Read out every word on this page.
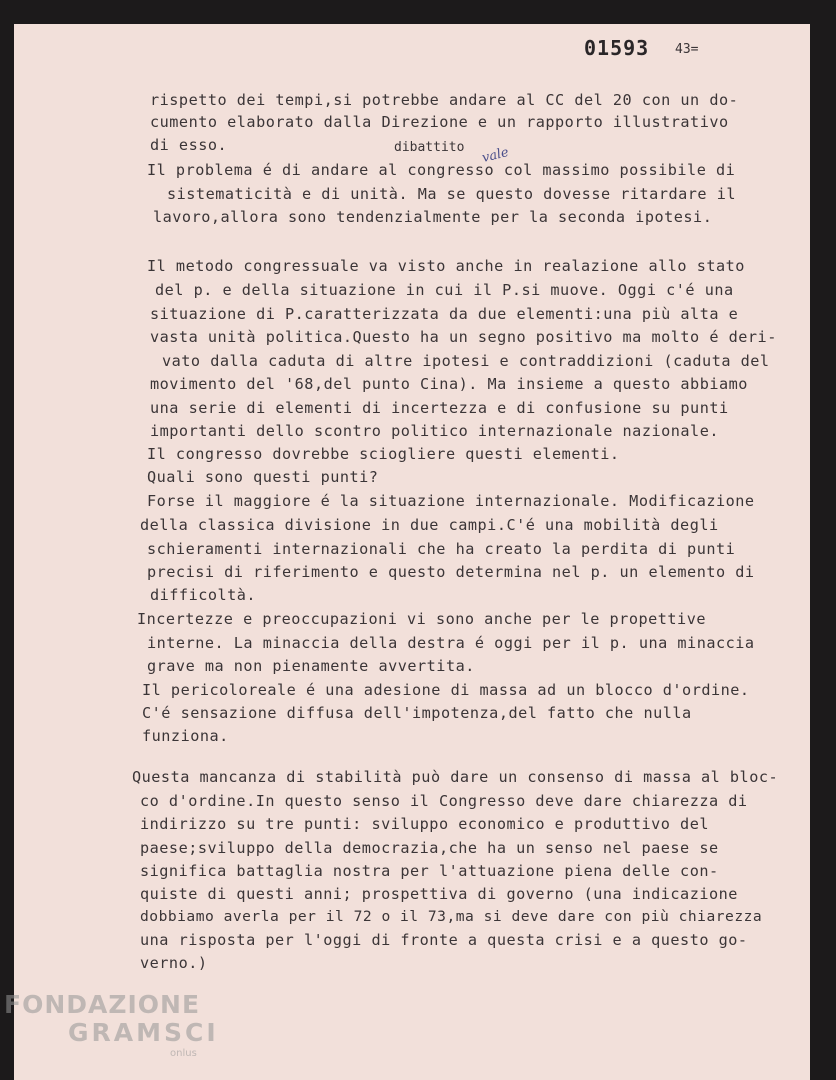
01593 43=
dibattito vale
rispetto dei tempi,si potrebbe andare al CC del 20 con un do-
cumento elaborato dalla Direzione e un rapporto illustrativo
di esso.
Il problema é di andare al congresso col massimo possibile di
sistematicità e di unità. Ma se questo dovesse ritardare il
lavoro,allora sono tendenzialmente per la seconda ipotesi.
Il metodo congressuale va visto anche in realazione allo stato
del p. e della situazione in cui il P.si muove. Oggi c'é una
situazione di P.caratterizzata da due elementi:una più alta e
vasta unità politica.Questo ha un segno positivo ma molto é deri-
vato dalla caduta di altre ipotesi e contraddizioni (caduta del
movimento del '68,del punto Cina). Ma insieme a questo abbiamo
una serie di elementi di incertezza e di confusione su punti
importanti dello scontro politico internazionale nazionale.
Il congresso dovrebbe sciogliere questi elementi.
Quali sono questi punti?
Forse il maggiore é la situazione internazionale. Modificazione
della classica divisione in due campi.C'é una mobilità degli
schieramenti internazionali che ha creato la perdita di punti
precisi di riferimento e questo determina nel p. un elemento di
difficoltà.
Incertezze e preoccupazioni vi sono anche per le propettive
interne. La minaccia della destra é oggi per il p. una minaccia
grave ma non pienamente avvertita.
Il pericoloreale é una adesione di massa ad un blocco d'ordine.
C'é sensazione diffusa dell'impotenza,del fatto che nulla
funziona.
Questa mancanza di stabilità può dare un consenso di massa al bloc-
co d'ordine.In questo senso il Congresso deve dare chiarezza di
indirizzo su tre punti: sviluppo economico e produttivo del
paese;sviluppo della democrazia,che ha un senso nel paese se
significa battaglia nostra per l'attuazione piena delle con-
quiste di questi anni; prospettiva di governo (una indicazione
dobbiamo averla per il 72 o il 73,ma si deve dare con più chiarezza
una risposta per l'oggi di fronte a questa crisi e a questo go-
verno.)
FONDAZIONE
GRAMSCI
onlus
